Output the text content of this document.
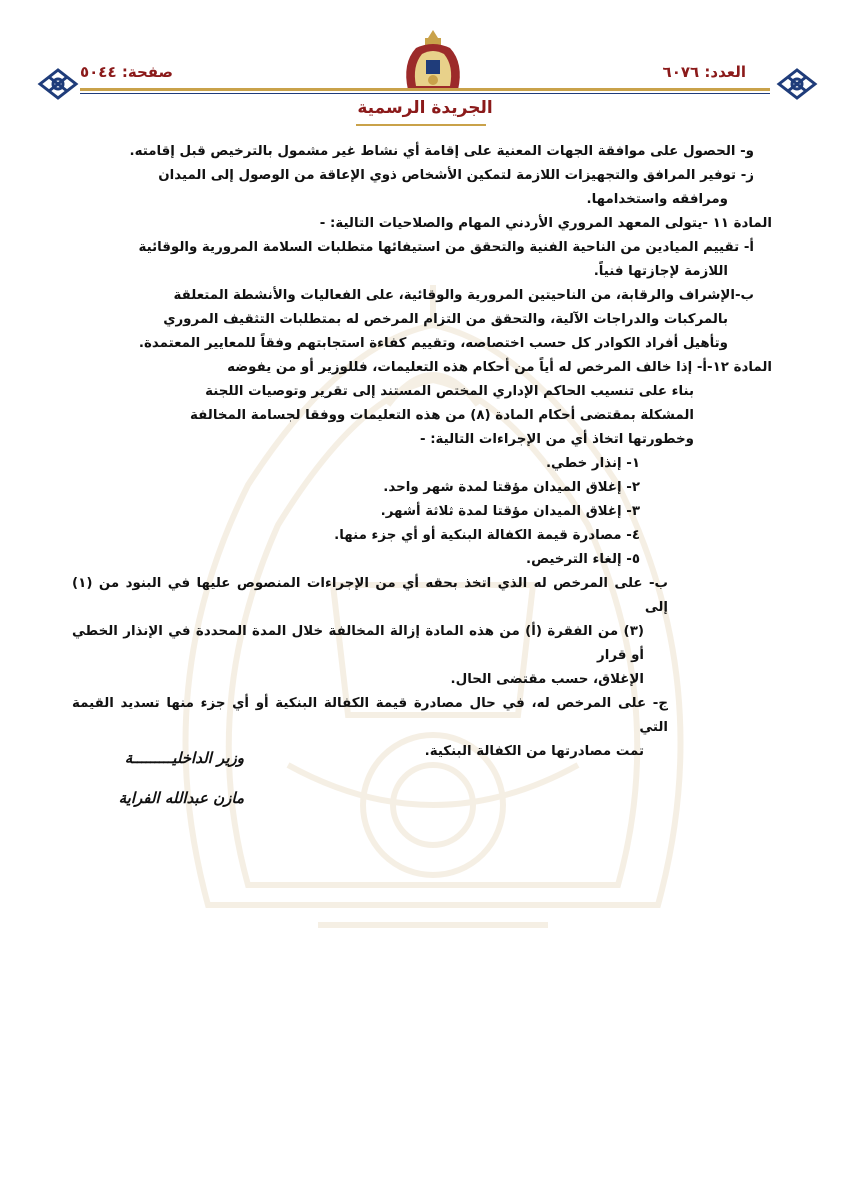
العدد: ٦٠٧٦
صفحة: ٥٠٤٤
الجريدة الرسمية

و- الحصول على موافقة الجهات المعنية على إقامة أي نشاط غير مشمول بالترخيص قبل إقامته.

ز- توفير المرافق والتجهيزات اللازمة لتمكين الأشخاص ذوي الإعاقة من الوصول إلى الميدان

ومرافقه واستخدامها.

المادة ١١ -يتولى المعهد المروري الأردني المهام والصلاحيات التالية: -

أ- تقييم الميادين من الناحية الفنية والتحقق من استيفائها متطلبات السلامة المرورية والوقائية

اللازمة لإجازتها فنياً.

ب-الإشراف والرقابة، من الناحيتين المرورية والوقائية، على الفعاليات والأنشطة المتعلقة

بالمركبات والدراجات الآلية، والتحقق من التزام المرخص له بمتطلبات التثقيف المروري

وتأهيل أفراد الكوادر كل حسب اختصاصه، وتقييم كفاءة استجابتهم وفقاً للمعايير المعتمدة.

المادة ١٢-أ- إذا خالف المرخص له أياً من أحكام هذه التعليمات، فللوزير أو من يفوضه

بناء على تنسيب الحاكم الإداري المختص المستند إلى تقرير وتوصيات اللجنة

المشكلة بمقتضى أحكام المادة (٨) من هذه التعليمات ووفقا لجسامة المخالفة

وخطورتها اتخاذ أي من الإجراءات التالية: -

١- إنذار خطي.

٢- إغلاق الميدان مؤقتا لمدة شهر واحد.

٣- إغلاق الميدان مؤقتا لمدة ثلاثة أشهر.

٤- مصادرة قيمة الكفالة البنكية أو أي جزء منها.

٥- إلغاء الترخيص.

ب- على المرخص له الذي اتخذ بحقه أي من الإجراءات المنصوص عليها في البنود من (١) إلى

(٣) من الفقرة (أ) من هذه المادة إزالة المخالفة خلال المدة المحددة في الإنذار الخطي أو قرار

الإغلاق، حسب مقتضى الحال.

ج- على المرخص له، في حال مصادرة قيمة الكفالة البنكية أو أي جزء منها تسديد القيمة التي

تمت مصادرتها من الكفالة البنكية.

وزير الداخليـــــــــة
مازن عبدالله الفراية
